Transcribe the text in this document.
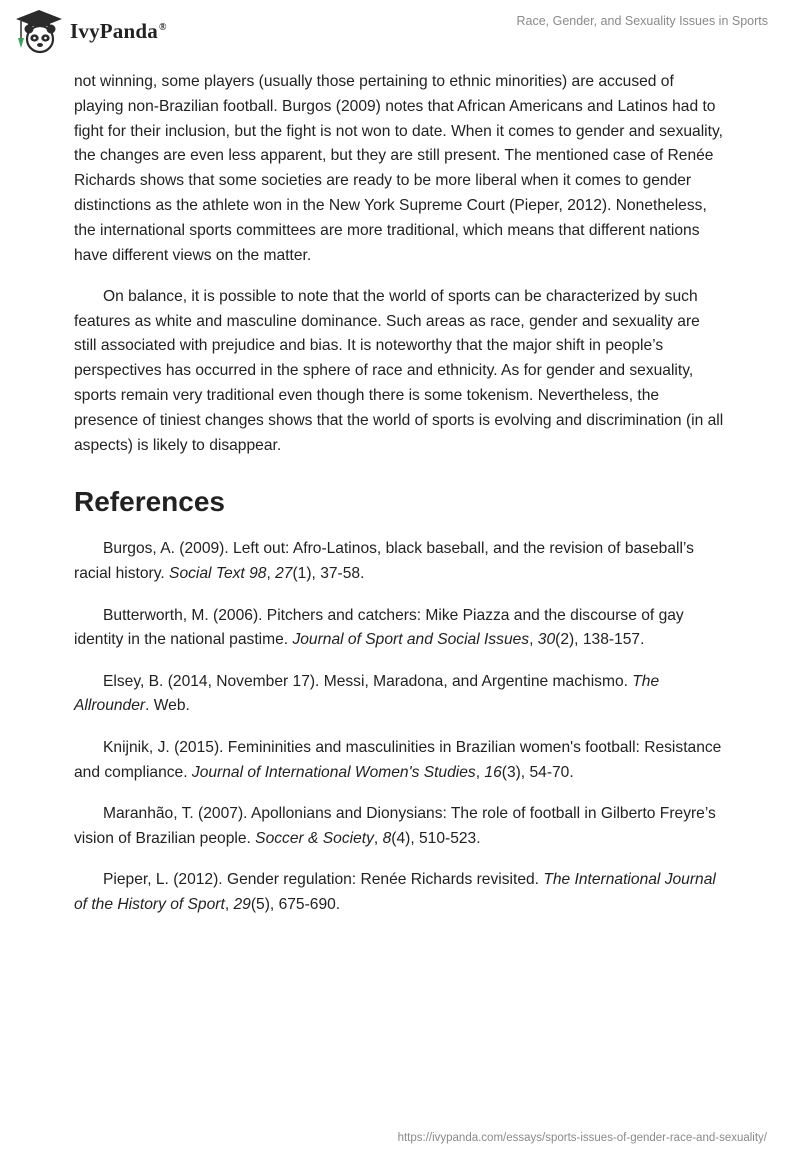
IvyPanda®	Race, Gender, and Sexuality Issues in Sports

not winning, some players (usually those pertaining to ethnic minorities) are accused of playing non-Brazilian football. Burgos (2009) notes that African Americans and Latinos had to fight for their inclusion, but the fight is not won to date. When it comes to gender and sexuality, the changes are even less apparent, but they are still present. The mentioned case of Renée Richards shows that some societies are ready to be more liberal when it comes to gender distinctions as the athlete won in the New York Supreme Court (Pieper, 2012). Nonetheless, the international sports committees are more traditional, which means that different nations have different views on the matter.

On balance, it is possible to note that the world of sports can be characterized by such features as white and masculine dominance. Such areas as race, gender and sexuality are still associated with prejudice and bias. It is noteworthy that the major shift in people’s perspectives has occurred in the sphere of race and ethnicity. As for gender and sexuality, sports remain very traditional even though there is some tokenism. Nevertheless, the presence of tiniest changes shows that the world of sports is evolving and discrimination (in all aspects) is likely to disappear.

References

Burgos, A. (2009). Left out: Afro-Latinos, black baseball, and the revision of baseball’s racial history. Social Text 98, 27(1), 37-58.

Butterworth, M. (2006). Pitchers and catchers: Mike Piazza and the discourse of gay identity in the national pastime. Journal of Sport and Social Issues, 30(2), 138-157.

Elsey, B. (2014, November 17). Messi, Maradona, and Argentine machismo. The Allrounder. Web.

Knijnik, J. (2015). Femininities and masculinities in Brazilian women's football: Resistance and compliance. Journal of International Women's Studies, 16(3), 54-70.

Maranhão, T. (2007). Apollonians and Dionysians: The role of football in Gilberto Freyre’s vision of Brazilian people. Soccer & Society, 8(4), 510-523.

Pieper, L. (2012). Gender regulation: Renée Richards revisited. The International Journal of the History of Sport, 29(5), 675-690.

https://ivypanda.com/essays/sports-issues-of-gender-race-and-sexuality/
